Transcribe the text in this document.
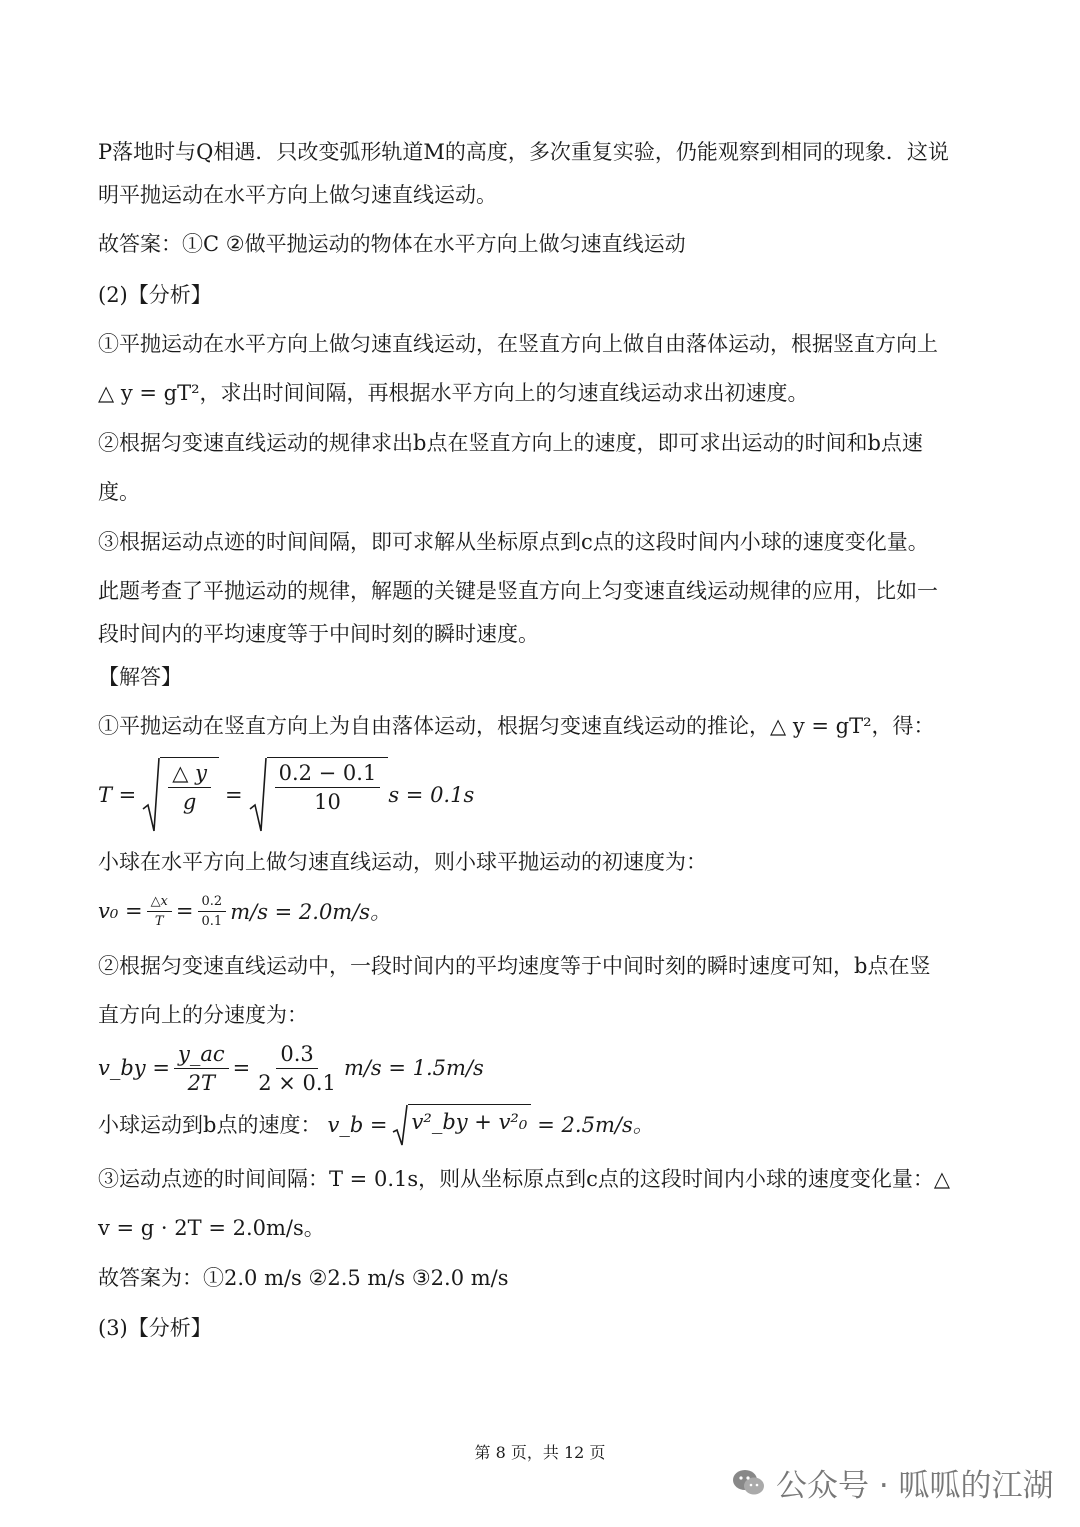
P落地时与Q相遇．只改变弧形轨道M的高度，多次重复实验，仍能观察到相同的现象．这说

明平抛运动在水平方向上做匀速直线运动。

故答案：①C ②做平抛运动的物体在水平方向上做匀速直线运动

(2)【分析】

①平抛运动在水平方向上做匀速直线运动，在竖直方向上做自由落体运动，根据竖直方向上

△ y = gT²，求出时间间隔，再根据水平方向上的匀速直线运动求出初速度。

②根据匀变速直线运动的规律求出b点在竖直方向上的速度，即可求出运动的时间和b点速

度。

③根据运动点迹的时间间隔，即可求解从坐标原点到c点的这段时间内小球的速度变化量。

此题考查了平抛运动的规律，解题的关键是竖直方向上匀变速直线运动规律的应用，比如一

段时间内的平均速度等于中间时刻的瞬时速度。

【解答】

①平抛运动在竖直方向上为自由落体运动，根据匀变速直线运动的推论，△ y = gT²，得：

$T = \frac{\triangle y}{g} = \frac{0.2 - 0.1}{10}$ s = 0.1s

小球在水平方向上做匀速直线运动，则小球平抛运动的初速度为：

$v_0 = \frac{\triangle x}{T} = \frac{0.2}{0.1} m/s = 2.0m/s$。

②根据匀变速直线运动中，一段时间内的平均速度等于中间时刻的瞬时速度可知，b点在竖

直方向上的分速度为：

v_by = $\frac{y\_ac}{2T} = \frac{0.3}{2 \times 0.1} m/s = 1.5m/s$
小球运动到b点的速度： v_b = v²_by + v²₀ = 2.5m/s。

③运动点迹的时间间隔：T = 0.1s，则从坐标原点到c点的这段时间内小球的速度变化量：△

v = g · 2T = 2.0m/s。

故答案为：①2.0 m/s ②2.5 m/s ③2.0 m/s

(3)【分析】

第 8 页，共 12 页
公众号 · 呱呱的江湖
